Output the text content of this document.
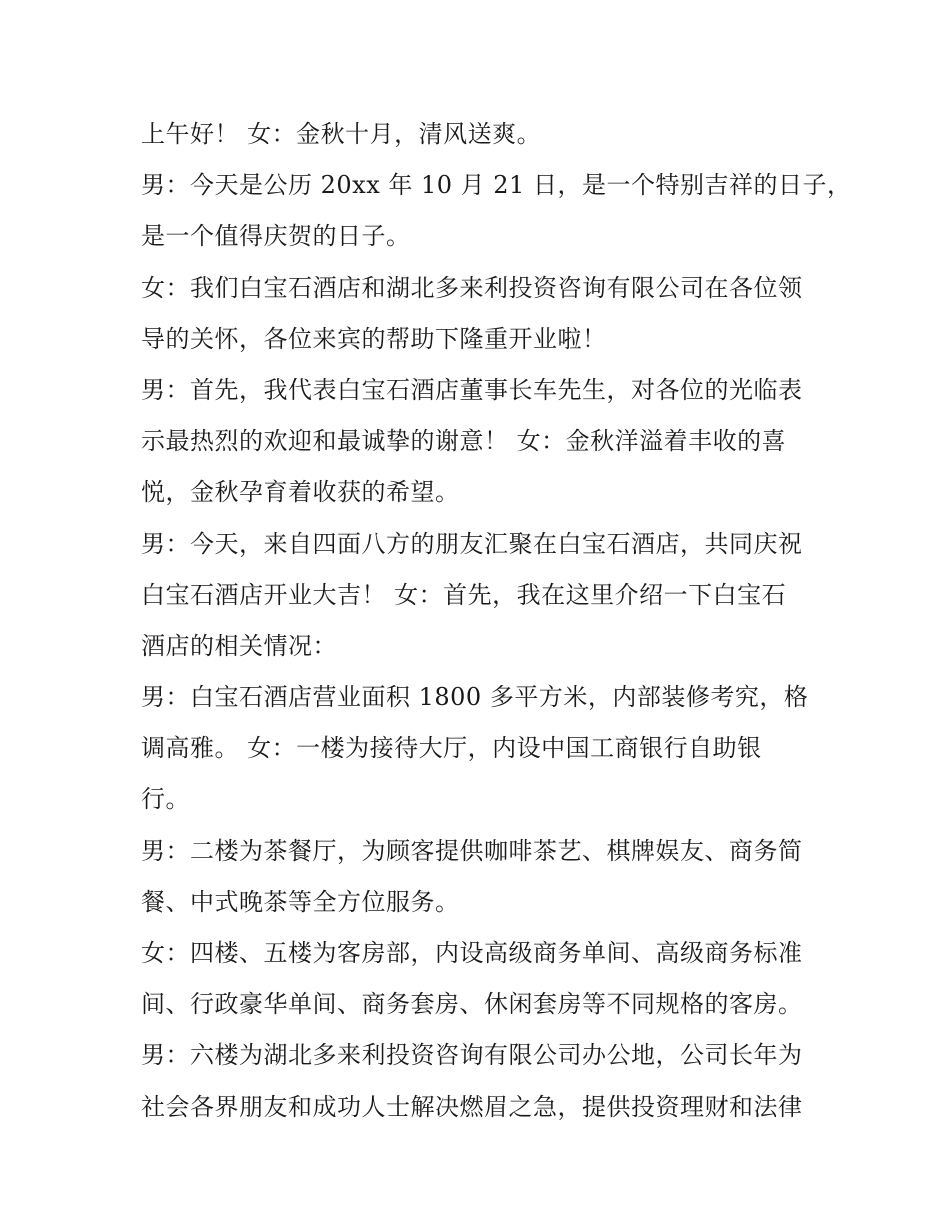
上午好！ 女：金秋十月，清风送爽。
男：今天是公历 20xx 年 10 月 21 日，是一个特别吉祥的日子，
是一个值得庆贺的日子。
女：我们白宝石酒店和湖北多来利投资咨询有限公司在各位领
导的关怀，各位来宾的帮助下隆重开业啦！
男：首先，我代表白宝石酒店董事长车先生，对各位的光临表
示最热烈的欢迎和最诚挚的谢意！ 女：金秋洋溢着丰收的喜
悦，金秋孕育着收获的希望。
男：今天，来自四面八方的朋友汇聚在白宝石酒店，共同庆祝
白宝石酒店开业大吉！ 女：首先，我在这里介绍一下白宝石
酒店的相关情况：
男：白宝石酒店营业面积 1800 多平方米，内部装修考究，格
调高雅。 女：一楼为接待大厅，内设中国工商银行自助银
行。
男：二楼为茶餐厅，为顾客提供咖啡茶艺、棋牌娱友、商务简
餐、中式晚茶等全方位服务。
女：四楼、五楼为客房部，内设高级商务单间、高级商务标准
间、行政豪华单间、商务套房、休闲套房等不同规格的客房。
男：六楼为湖北多来利投资咨询有限公司办公地，公司长年为
社会各界朋友和成功人士解决燃眉之急，提供投资理财和法律
